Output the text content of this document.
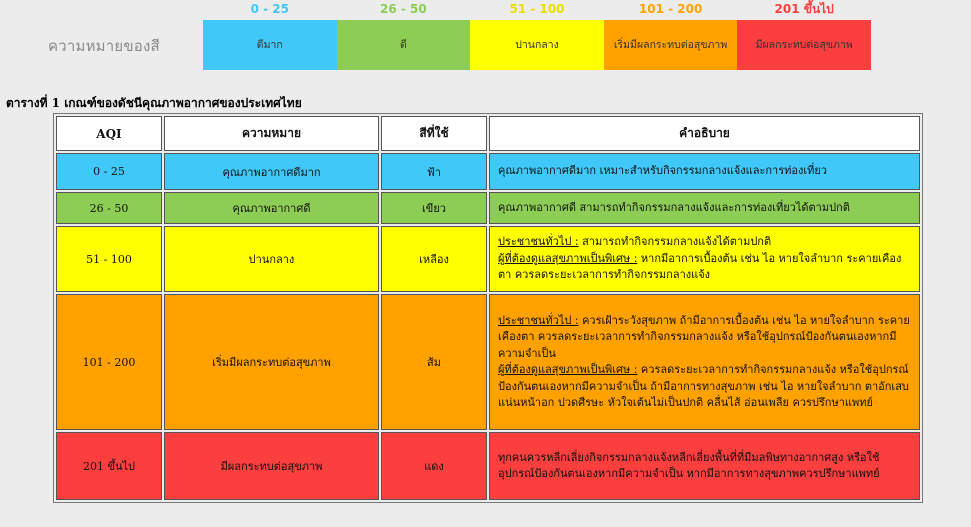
ความหมายของสี
0 - 25
ดีมาก
26 - 50
ดี
51 - 100
ปานกลาง
101 - 200
เริ่มมีผลกระทบต่อสุขภาพ
201 ขึ้นไป
มีผลกระทบต่อสุขภาพ
ตารางที่ 1 เกณฑ์ของดัชนีคุณภาพอากาศของประเทศไทย
AQI	ความหมาย	สีที่ใช้	คำอธิบาย
0 - 25	คุณภาพอากาศดีมาก	ฟ้า	คุณภาพอากาศดีมาก เหมาะสำหรับกิจกรรมกลางแจ้งและการท่องเที่ยว
26 - 50	คุณภาพอากาศดี	เขียว	คุณภาพอากาศดี สามารถทำกิจกรรมกลางแจ้งและการท่องเที่ยวได้ตามปกติ
51 - 100	ปานกลาง	เหลือง	ประชาชนทั่วไป : สามารถทำกิจกรรมกลางแจ้งได้ตามปกติ
ผู้ที่ต้องดูแลสุขภาพเป็นพิเศษ : หากมีอาการเบื้องต้น เช่น ไอ หายใจลำบาก ระคายเคืองตา ควรลดระยะเวลาการทำกิจกรรมกลางแจ้ง
101 - 200	เริ่มมีผลกระทบต่อสุขภาพ	ส้ม	ประชาชนทั่วไป : ควรเฝ้าระวังสุขภาพ ถ้ามีอาการเบื้องต้น เช่น ไอ หายใจลำบาก ระคายเคืองตา ควรลดระยะเวลาการทำกิจกรรมกลางแจ้ง หรือใช้อุปกรณ์ป้องกันตนเองหากมีความจำเป็น
ผู้ที่ต้องดูแลสุขภาพเป็นพิเศษ : ควรลดระยะเวลาการทำกิจกรรมกลางแจ้ง หรือใช้อุปกรณ์ป้องกันตนเองหากมีความจำเป็น ถ้ามีอาการทางสุขภาพ เช่น ไอ หายใจลำบาก ตาอักเสบ แน่นหน้าอก ปวดศีรษะ หัวใจเต้นไม่เป็นปกติ คลื่นไส้ อ่อนเพลีย ควรปรึกษาแพทย์
201 ขึ้นไป	มีผลกระทบต่อสุขภาพ	แดง	ทุกคนควรหลีกเลี่ยงกิจกรรมกลางแจ้งหลีกเลี่ยงพื้นที่ที่มีมลพิษทางอากาศสูง หรือใช้อุปกรณ์ป้องกันตนเองหากมีความจำเป็น หากมีอาการทางสุขภาพควรปรึกษาแพทย์
